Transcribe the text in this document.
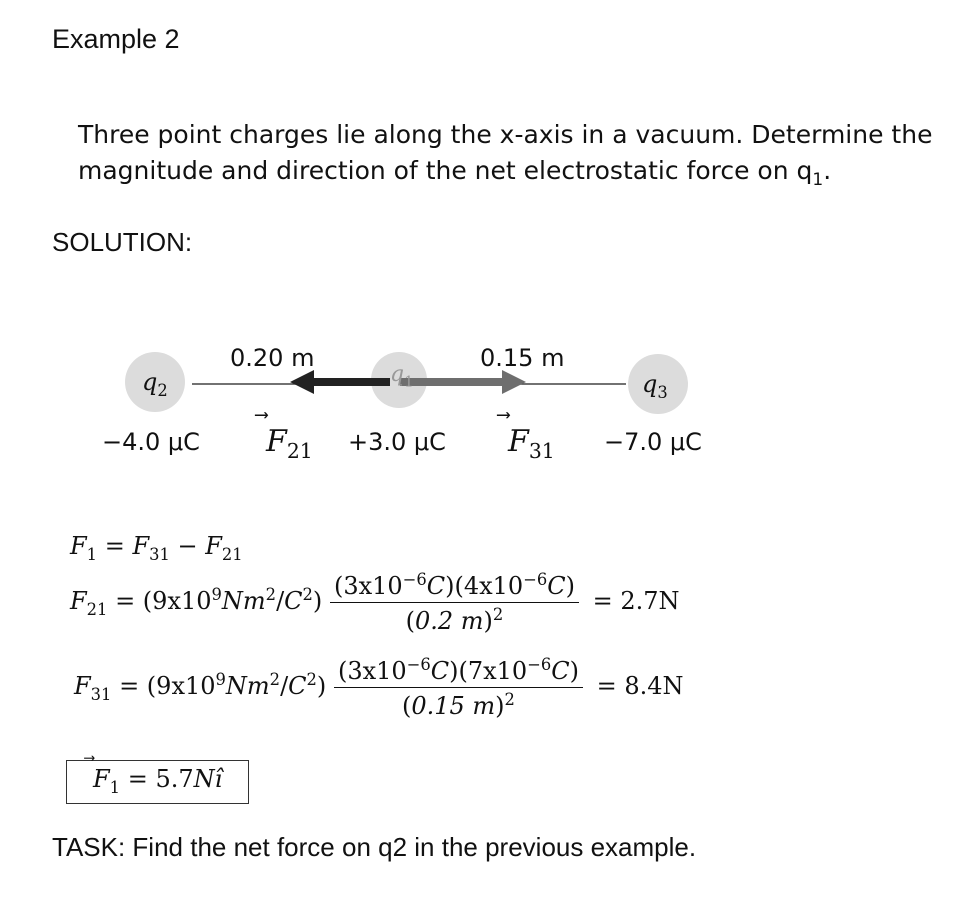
Example 2
Three point charges lie along the x-axis in a vacuum. Determine the
magnitude and direction of the net electrostatic force on $q_1$.
SOLUTION:
$q_2$
$q_1$	$q_3$
0.20 m	0.15 m
−4.0 μC ⃗ $F_{21} +3.0$ μC ⃗ $F_{31} -7.0$ μC
$F_1 = F_{31} - F_{21}$
$F_{21} = (9x10^9Nm^2/C^2) \frac{(3x10^{-6}C)(4x10^{-6}C)}{(0.2 m)^2} = 2.7N$
$F_{31} = (9x10^9Nm^2/C^2) \frac{(3x10^{-6}C)(7x10^{-6}C)}{(0.15 m)^2} = 8.4N$
⃗ $F_1$ = 5.7Nî
TASK: Find the net force on q2 in the previous example.
